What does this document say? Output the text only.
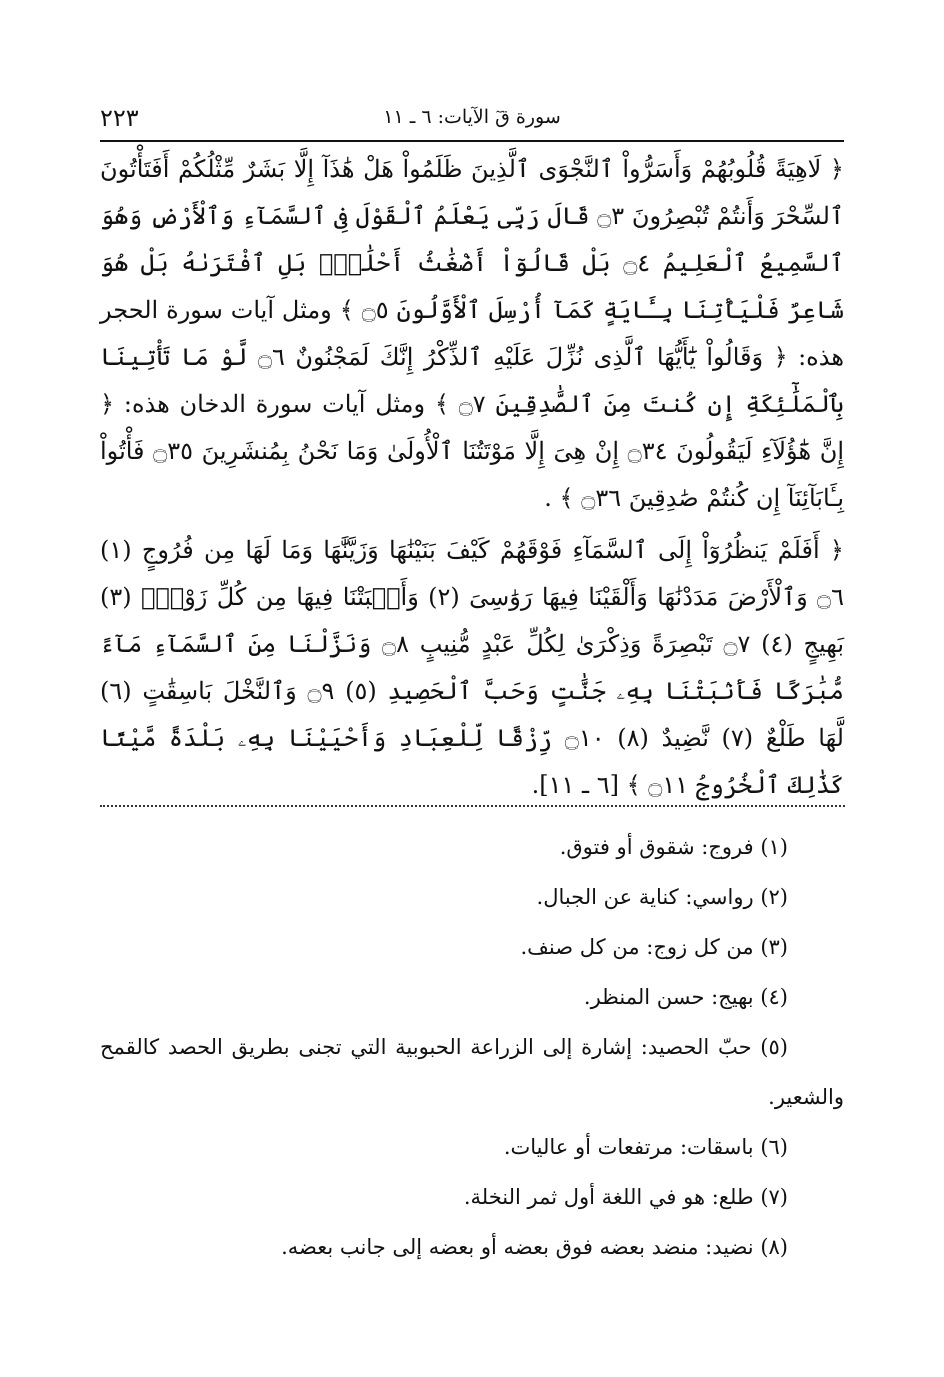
٢٢٣	سورة قٓ الآيات: ٦ ـ ١١
﴿ لَاهِيَةً قُلُوبُهُمْ وَأَسَرُّواْ ٱلنَّجْوَى ٱلَّذِينَ ظَلَمُواْ هَلْ هَٰذَآ إِلَّا بَشَرٌ مِّثْلُكُمْ أَفَتَأْتُونَ ٱلسِّحْرَ وَأَنتُمْ تُبْصِرُونَ ۝٣ قَالَ رَبِّى يَعْلَمُ ٱلْقَوْلَ فِى ٱلسَّمَآءِ وَٱلْأَرْضِ وَهُوَ ٱلسَّمِيعُ ٱلْعَلِيمُ ۝٤ بَلْ قَالُوٓاْ أَضْغَٰثُ أَحْلَٰمٍۭ بَلِ ٱفْتَرَىٰهُ بَلْ هُوَ شَاعِرٌ فَلْيَأْتِنَا بِـَٔايَةٍ كَمَآ أُرْسِلَ ٱلْأَوَّلُونَ ۝٥ ﴾ ومثل آيات سورة الحجر هذه: ﴿ وَقَالُواْ يَٰٓأَيُّهَا ٱلَّذِى نُزِّلَ عَلَيْهِ ٱلذِّكْرُ إِنَّكَ لَمَجْنُونٌ ۝٦ لَّوْ مَا تَأْتِينَا بِٱلْمَلَٰٓئِكَةِ إِن كُنتَ مِنَ ٱلصَّٰدِقِينَ ۝٧ ﴾ ومثل آيات سورة الدخان هذه: ﴿ إِنَّ هَٰٓؤُلَآءِ لَيَقُولُونَ ۝٣٤ إِنْ هِىَ إِلَّا مَوْتَتُنَا ٱلْأُولَىٰ وَمَا نَحْنُ بِمُنشَرِينَ ۝٣٥ فَأْتُواْ بِـَٔابَآئِنَآ إِن كُنتُمْ صَٰدِقِينَ ۝٣٦ ﴾ .
﴿ أَفَلَمْ يَنظُرُوٓاْ إِلَى ٱلسَّمَآءِ فَوْقَهُمْ كَيْفَ بَنَيْنَٰهَا وَزَيَّنَّٰهَا وَمَا لَهَا مِن فُرُوجٍ (١) ۝٦ وَٱلْأَرْضَ مَدَدْنَٰهَا وَأَلْقَيْنَا فِيهَا رَوَٰسِىَ (٢) وَأَنۢبَتْنَا فِيهَا مِن كُلِّ زَوْجٍۭ (٣) بَهِيجٍ (٤) ۝٧ تَبْصِرَةً وَذِكْرَىٰ لِكُلِّ عَبْدٍ مُّنِيبٍ ۝٨ وَنَزَّلْنَا مِنَ ٱلسَّمَآءِ مَآءً مُّبَٰرَكًا فَأَنۢبَتْنَا بِهِۦ جَنَّٰتٍ وَحَبَّ ٱلْحَصِيدِ (٥) ۝٩ وَٱلنَّخْلَ بَاسِقَٰتٍ (٦) لَّهَا طَلْعٌ (٧) نَّضِيدٌ (٨) ۝١٠ رِّزْقًا لِّلْعِبَادِ وَأَحْيَيْنَا بِهِۦ بَلْدَةً مَّيْتًا كَذَٰلِكَ ٱلْخُرُوجُ ۝١١ ﴾ [٦ ـ ١١].
(١) فروج: شقوق أو فتوق.
(٢) رواسي: كناية عن الجبال.
(٣) من كل زوج: من كل صنف.
(٤) بهيج: حسن المنظر.
(٥) حبّ الحصيد: إشارة إلى الزراعة الحبوبية التي تجنى بطريق الحصد كالقمح والشعير.
(٦) باسقات: مرتفعات أو عاليات.
(٧) طلع: هو في اللغة أول ثمر النخلة.
(٨) نضيد: منضد بعضه فوق بعضه أو بعضه إلى جانب بعضه.
